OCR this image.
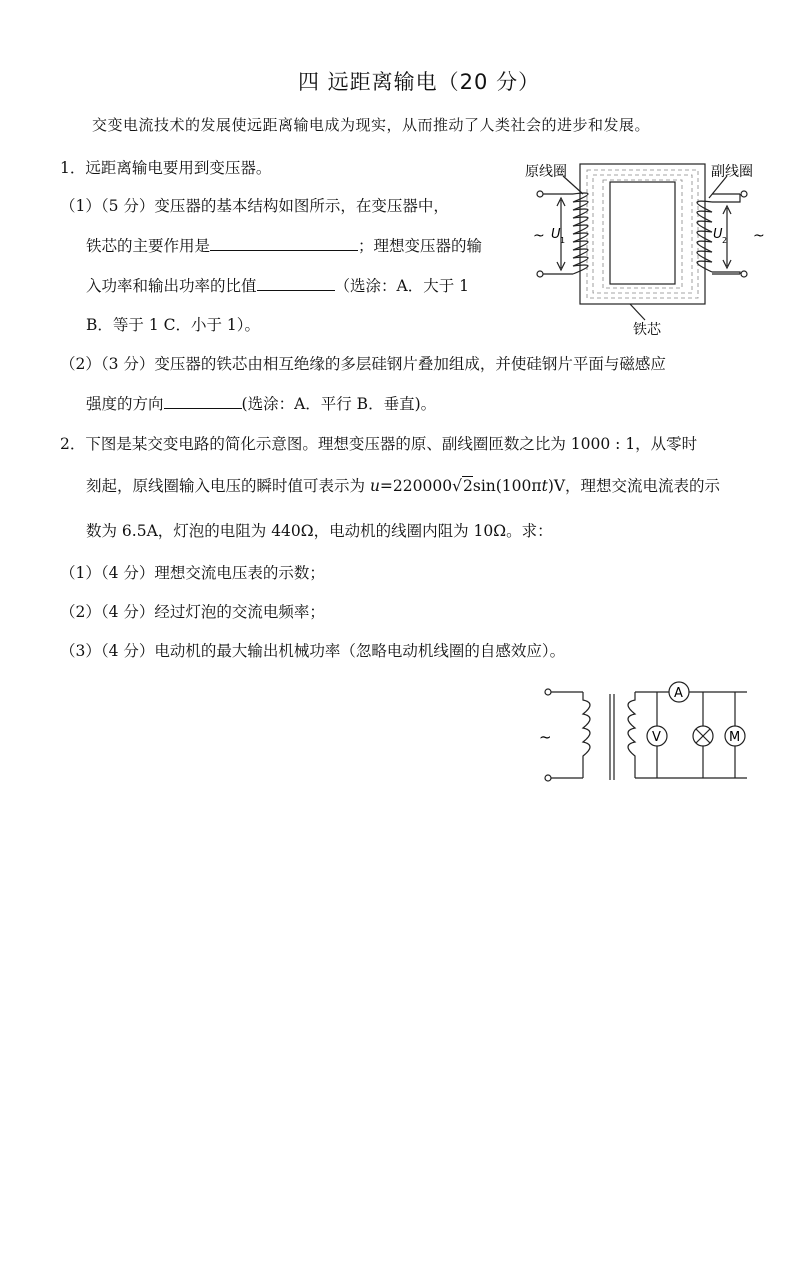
四 远距离输电（20 分）
交变电流技术的发展使远距离输电成为现实，从而推动了人类社会的进步和发展。
1．远距离输电要用到变压器。
（1）（5 分）变压器的基本结构如图所示，在变压器中，
铁芯的主要作用是	；理想变压器的输
入功率和输出功率的比值	（选涂：A．大于 1
B．等于 1 C．小于 1）。
（2）（3 分）变压器的铁芯由相互绝缘的多层硅钢片叠加组成，并使硅钢片平面与磁感应
强度的方向	(选涂：A．平行 B．垂直)。
2．下图是某交变电路的简化示意图。理想变压器的原、副线圈匝数之比为 1000 : 1，从零时
刻起，原线圈输入电压的瞬时值可表示为 u=220000√2sin(100πt)V，理想交流电流表的示
数为 6.5A，灯泡的电阻为 440Ω，电动机的线圈内阻为 10Ω。求：
（1）（4 分）理想交流电压表的示数；
（2）（4 分）经过灯泡的交流电频率；
（3）（4 分）电动机的最大输出机械功率（忽略电动机线圈的自感效应）。
原线圈	副线圈
铁芯
~	~
U 1	U 2
~
A
V	M
